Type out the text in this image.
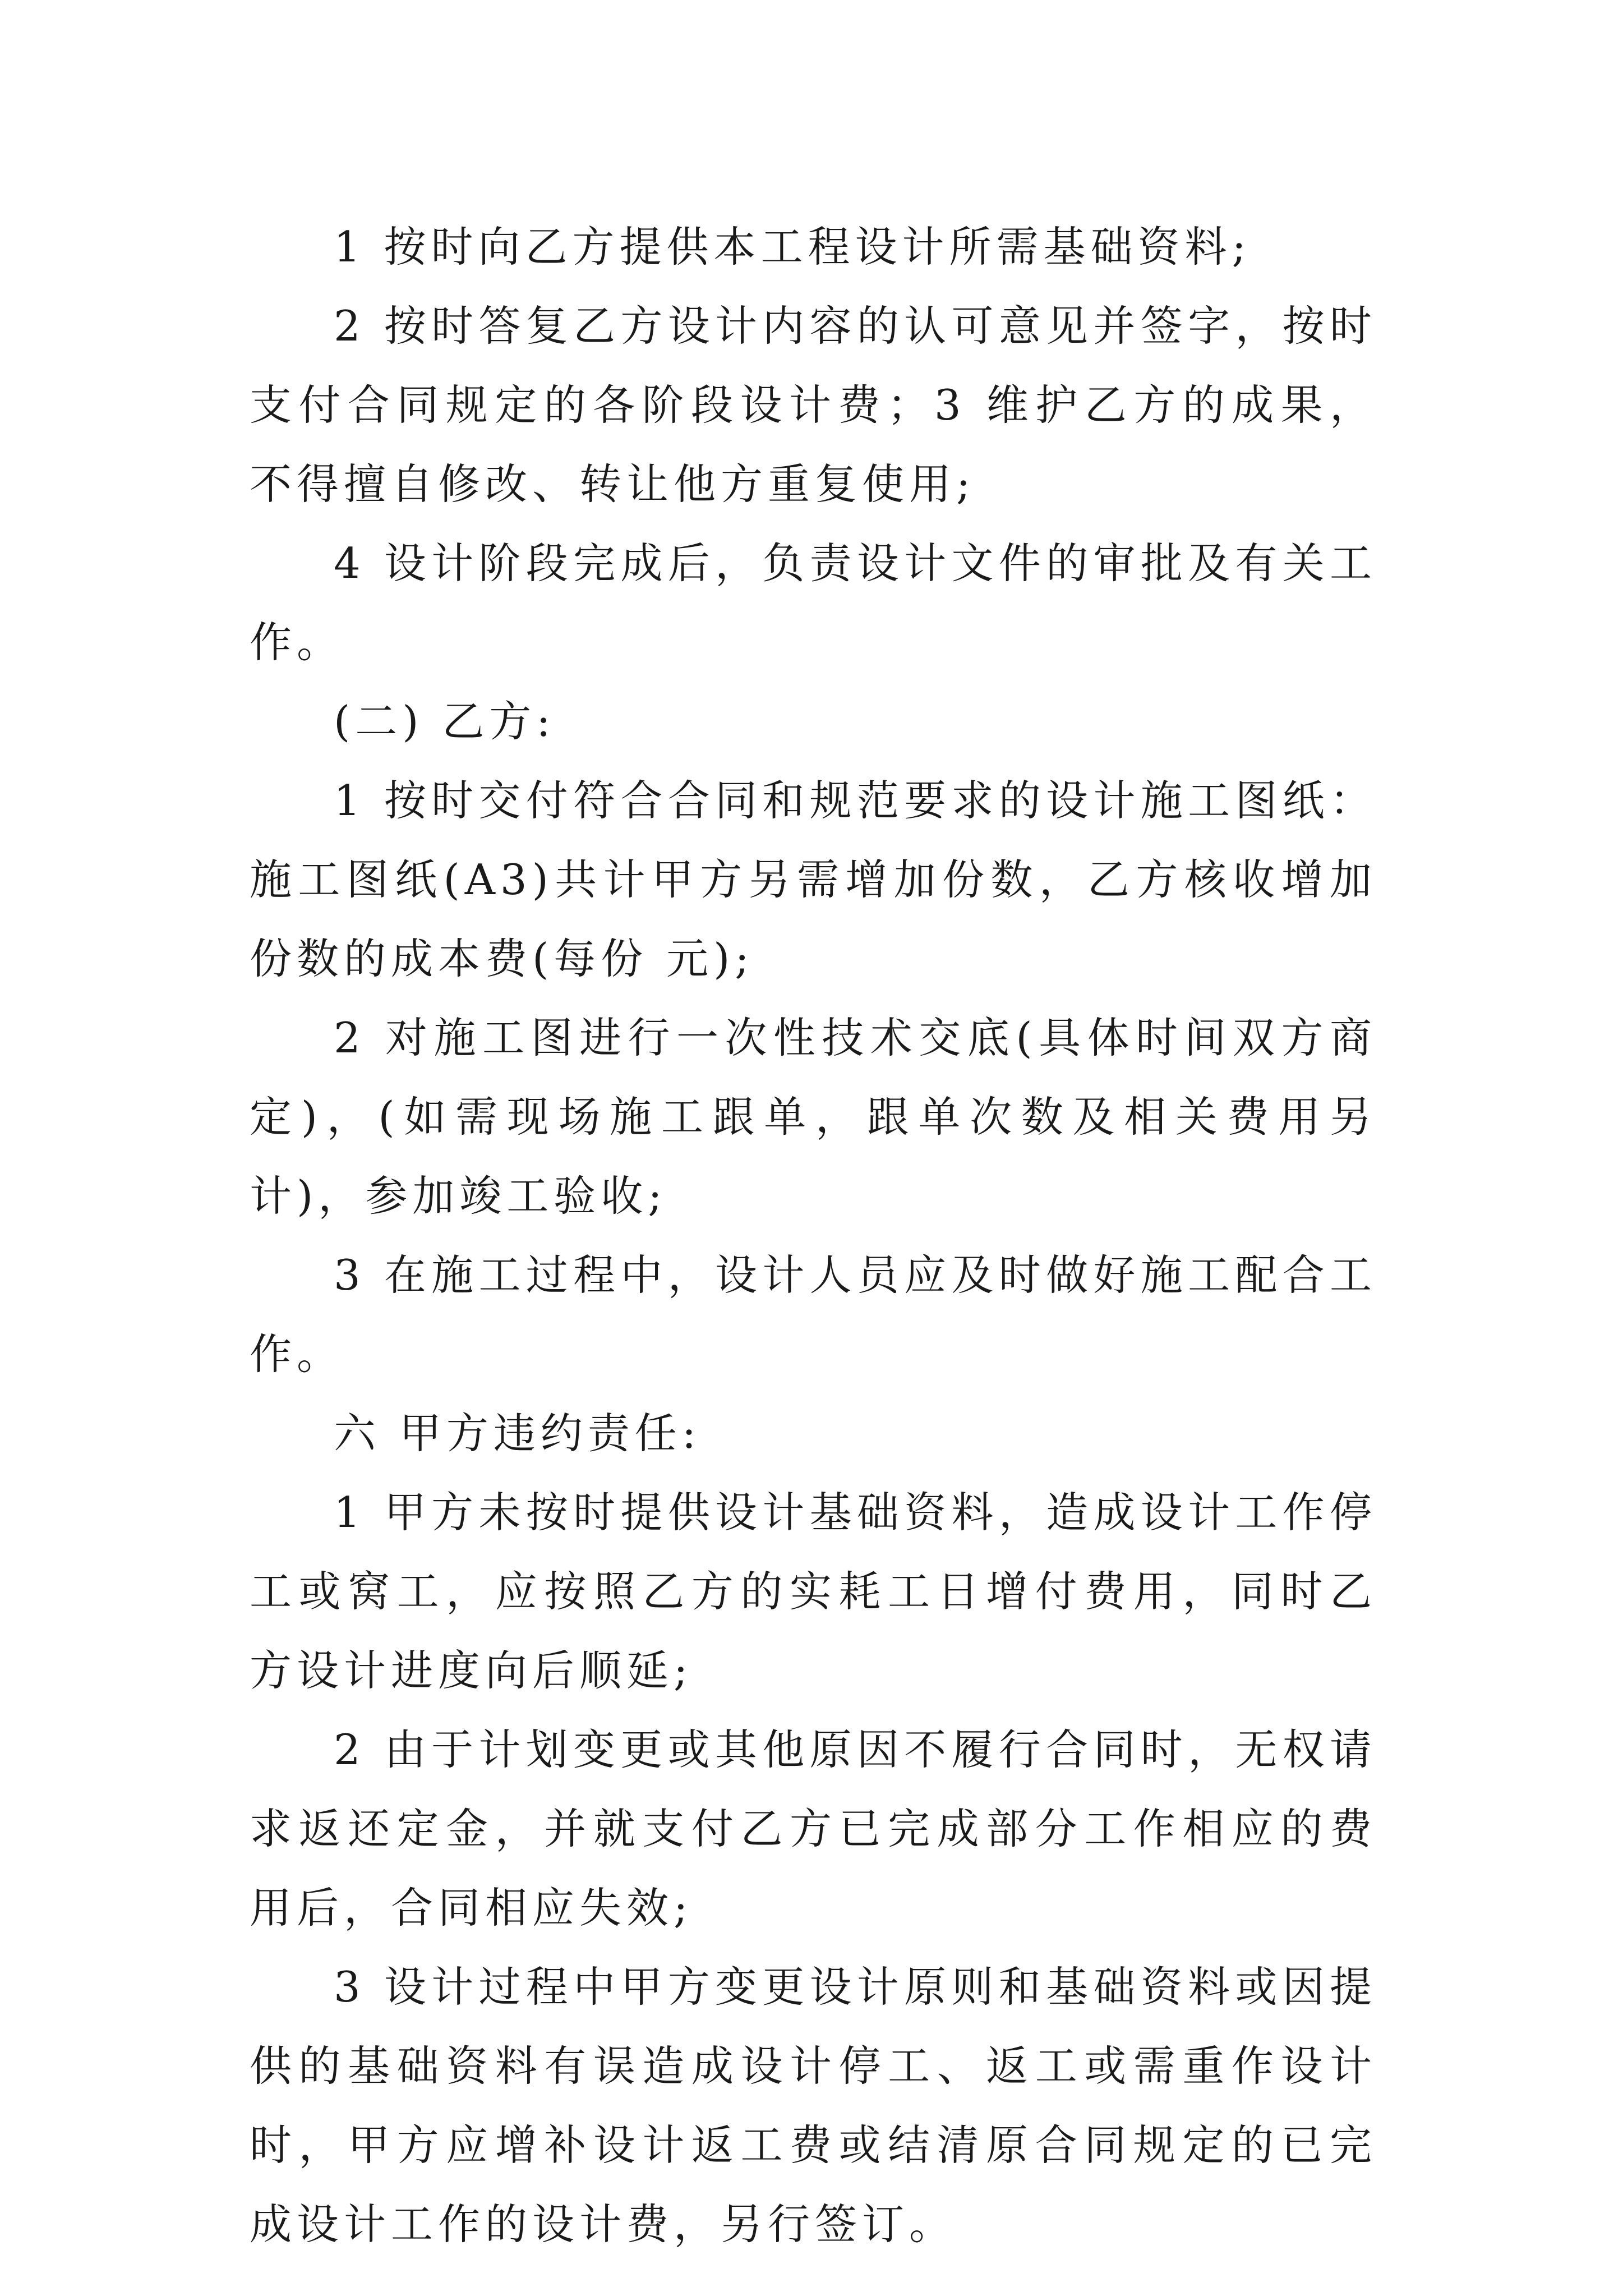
1 按时向乙方提供本工程设计所需基础资料;

2 按时答复乙方设计内容的认可意见并签字，按时支付合同规定的各阶段设计费；3 维护乙方的成果，不得擅自修改、转让他方重复使用;

4 设计阶段完成后，负责设计文件的审批及有关工作。

(二) 乙方:

1 按时交付符合合同和规范要求的设计施工图纸：施工图纸(A3)共计甲方另需增加份数，乙方核收增加份数的成本费(每份 元);

2 对施工图进行一次性技术交底(具体时间双方商定)，(如需现场施工跟单，跟单次数及相关费用另计)，参加竣工验收;

3 在施工过程中，设计人员应及时做好施工配合工作。

六 甲方违约责任:

1 甲方未按时提供设计基础资料，造成设计工作停工或窝工，应按照乙方的实耗工日增付费用，同时乙方设计进度向后顺延;

2 由于计划变更或其他原因不履行合同时，无权请求返还定金，并就支付乙方已完成部分工作相应的费用后，合同相应失效;

3 设计过程中甲方变更设计原则和基础资料或因提供的基础资料有误造成设计停工、返工或需重作设计时，甲方应增补设计返工费或结清原合同规定的已完成设计工作的设计费，另行签订。
